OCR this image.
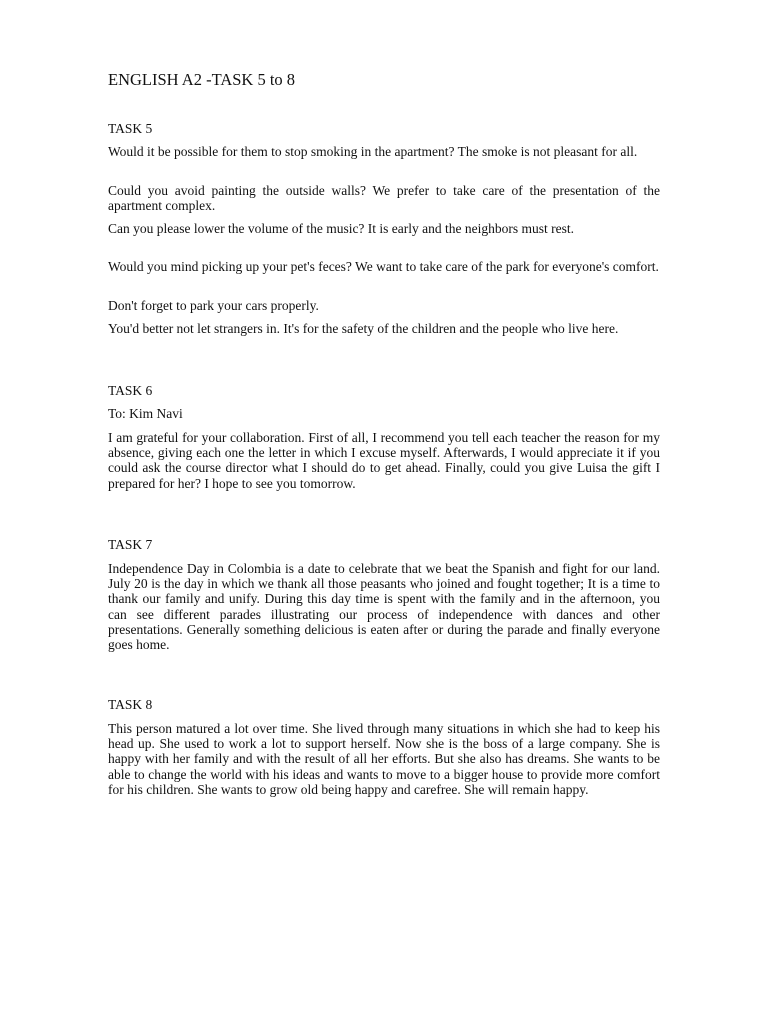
ENGLISH A2 -TASK 5 to 8
TASK 5

Would it be possible for them to stop smoking in the apartment? The smoke is not pleasant for all.

Could you avoid painting the outside walls? We prefer to take care of the presentation of the apartment complex.

Can you please lower the volume of the music? It is early and the neighbors must rest.

Would you mind picking up your pet's feces? We want to take care of the park for everyone's comfort.

Don't forget to park your cars properly.

You'd better not let strangers in. It's for the safety of the children and the people who live here.

TASK 6

To: Kim Navi

I am grateful for your collaboration. First of all, I recommend you tell each teacher the reason for my absence, giving each one the letter in which I excuse myself. Afterwards, I would appreciate it if you could ask the course director what I should do to get ahead. Finally, could you give Luisa the gift I prepared for her? I hope to see you tomorrow.

TASK 7

Independence Day in Colombia is a date to celebrate that we beat the Spanish and fight for our land. July 20 is the day in which we thank all those peasants who joined and fought together; It is a time to thank our family and unify. During this day time is spent with the family and in the afternoon, you can see different parades illustrating our process of independence with dances and other presentations. Generally something delicious is eaten after or during the parade and finally everyone goes home.

TASK 8

This person matured a lot over time. She lived through many situations in which she had to keep his head up. She used to work a lot to support herself. Now she is the boss of a large company. She is happy with her family and with the result of all her efforts. But she also has dreams. She wants to be able to change the world with his ideas and wants to move to a bigger house to provide more comfort for his children. She wants to grow old being happy and carefree. She will remain happy.
